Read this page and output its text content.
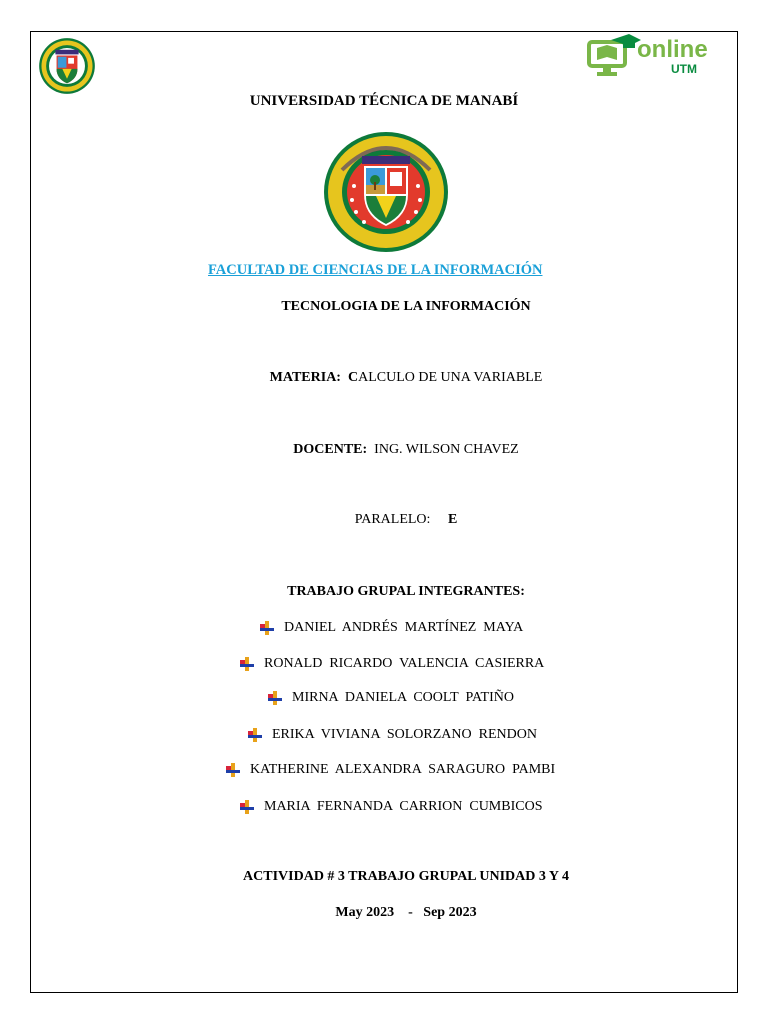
online
UTM
UNIVERSIDAD TÉCNICA DE MANABÍ
FACULTAD DE CIENCIAS DE LA INFORMACIÓN
TECNOLOGIA DE LA INFORMACIÓN
MATERIA: CALCULO DE UNA VARIABLE
DOCENTE: ING. WILSON CHAVEZ
PARALELO: E
TRABAJO GRUPAL INTEGRANTES:
DANIEL  ANDRÉS  MARTÍNEZ  MAYA
RONALD  RICARDO  VALENCIA  CASIERRA
MIRNA  DANIELA  COOLT  PATIÑO
ERIKA  VIVIANA  SOLORZANO  RENDON
KATHERINE  ALEXANDRA  SARAGURO  PAMBI
MARIA  FERNANDA  CARRION  CUMBICOS
ACTIVIDAD # 3 TRABAJO GRUPAL UNIDAD 3 Y 4
May 2023    -   Sep 2023
